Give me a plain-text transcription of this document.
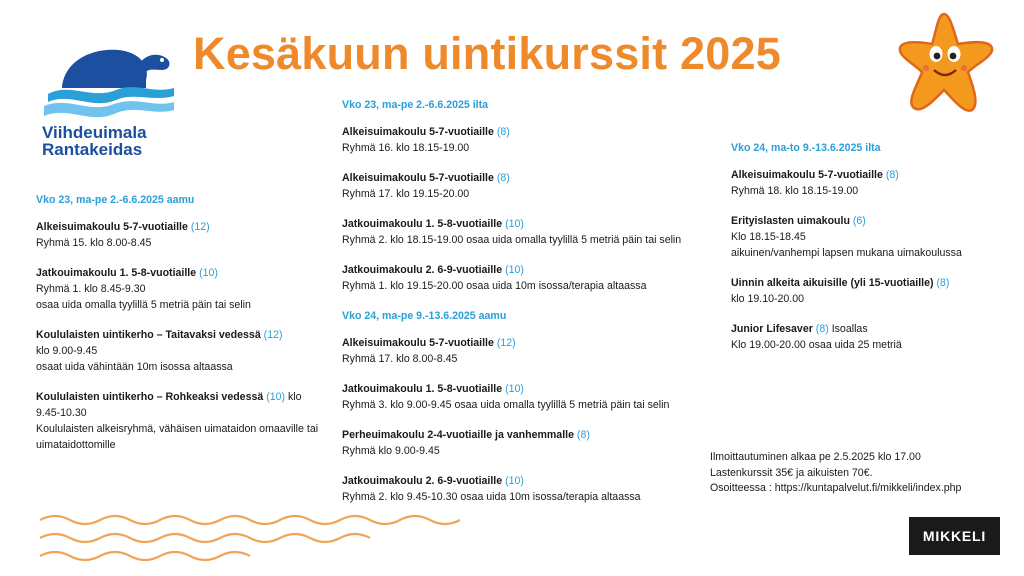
Kesäkuun uintikurssit 2025
Viihdeuimala
Rantakeidas
Vko 23, ma-pe 2.-6.6.2025 aamu
Alkeisuimakoulu 5-7-vuotiaille (12)
Ryhmä 15. klo 8.00-8.45
Jatkouimakoulu 1. 5-8-vuotiaille (10)
Ryhmä 1. klo 8.45-9.30
osaa uida omalla tyylillä 5 metriä päin tai selin
Koululaisten uintikerho – Taitavaksi vedessä (12)
klo 9.00-9.45
osaat uida vähintään 10m isossa altaassa
Koululaisten uintikerho – Rohkeaksi vedessä (10) klo
9.45-10.30
Koululaisten alkeisryhmä, vähäisen uimataidon omaaville tai uimataidottomille
Vko 23, ma-pe 2.-6.6.2025 ilta
Alkeisuimakoulu 5-7-vuotiaille (8)
Ryhmä 16. klo 18.15-19.00
Alkeisuimakoulu 5-7-vuotiaille (8)
Ryhmä 17. klo 19.15-20.00
Jatkouimakoulu 1. 5-8-vuotiaille (10)
Ryhmä 2. klo 18.15-19.00 osaa uida omalla tyylillä 5 metriä päin tai selin
Jatkouimakoulu 2. 6-9-vuotiaille (10)
Ryhmä 1. klo 19.15-20.00 osaa uida 10m isossa/terapia altaassa
Vko 24, ma-pe 9.-13.6.2025 aamu
Alkeisuimakoulu 5-7-vuotiaille (12)
Ryhmä 17. klo 8.00-8.45
Jatkouimakoulu 1. 5-8-vuotiaille (10)
Ryhmä 3. klo 9.00-9.45 osaa uida omalla tyylillä 5 metriä päin tai selin
Perheuimakoulu 2-4-vuotiaille ja vanhemmalle (8)
Ryhmä klo 9.00-9.45
Jatkouimakoulu 2. 6-9-vuotiaille (10)
Ryhmä 2. klo 9.45-10.30 osaa uida 10m isossa/terapia altaassa
Vko 24, ma-to 9.-13.6.2025 ilta
Alkeisuimakoulu 5-7-vuotiaille (8)
Ryhmä 18. klo 18.15-19.00
Erityislasten uimakoulu (6)
Klo 18.15-18.45
aikuinen/vanhempi lapsen mukana uimakoulussa
Uinnin alkeita aikuisille (yli 15-vuotiaille) (8)
klo 19.10-20.00
Junior Lifesaver (8) Isoallas
Klo 19.00-20.00 osaa uida 25 metriä
Ilmoittautuminen alkaa pe 2.5.2025 klo 17.00
Lastenkurssit 35€ ja aikuisten 70€.
Osoitteessa : https://kuntapalvelut.fi/mikkeli/index.php
MIKKELI
